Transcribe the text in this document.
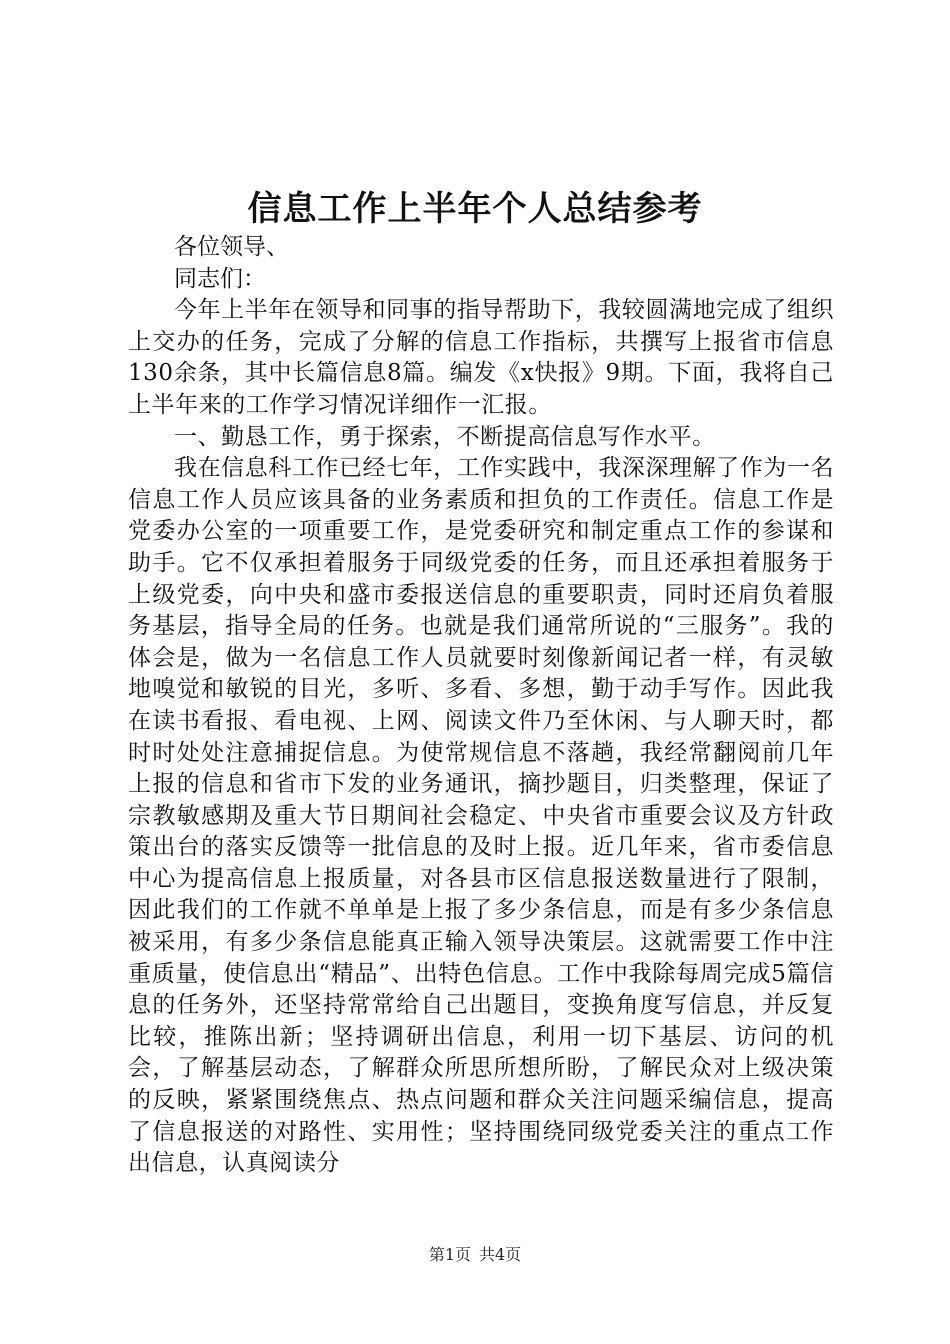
信息工作上半年个人总结参考

各位领导、

同志们：

今年上半年在领导和同事的指导帮助下，我较圆满地完成了组织上交办的任务，完成了分解的信息工作指标，共撰写上报省市信息130余条，其中长篇信息8篇。编发《x快报》9期。下面，我将自己上半年来的工作学习情况详细作一汇报。

一、勤恳工作，勇于探索，不断提高信息写作水平。

我在信息科工作已经七年，工作实践中，我深深理解了作为一名信息工作人员应该具备的业务素质和担负的工作责任。信息工作是党委办公室的一项重要工作，是党委研究和制定重点工作的参谋和助手。它不仅承担着服务于同级党委的任务，而且还承担着服务于上级党委，向中央和盛市委报送信息的重要职责，同时还肩负着服务基层，指导全局的任务。也就是我们通常所说的“三服务”。我的体会是，做为一名信息工作人员就要时刻像新闻记者一样，有灵敏地嗅觉和敏锐的目光，多听、多看、多想，勤于动手写作。因此我在读书看报、看电视、上网、阅读文件乃至休闲、与人聊天时，都时时处处注意捕捉信息。为使常规信息不落趟，我经常翻阅前几年上报的信息和省市下发的业务通讯，摘抄题目，归类整理，保证了宗教敏感期及重大节日期间社会稳定、中央省市重要会议及方针政策出台的落实反馈等一批信息的及时上报。近几年来，省市委信息中心为提高信息上报质量，对各县市区信息报送数量进行了限制，因此我们的工作就不单单是上报了多少条信息，而是有多少条信息被采用，有多少条信息能真正输入领导决策层。这就需要工作中注重质量，使信息出“精品”、出特色信息。工作中我除每周完成5篇信息的任务外，还坚持常常给自己出题目，变换角度写信息，并反复比较，推陈出新；坚持调研出信息，利用一切下基层、访问的机会，了解基层动态，了解群众所思所想所盼，了解民众对上级决策的反映，紧紧围绕焦点、热点问题和群众关注问题采编信息，提高了信息报送的对路性、实用性；坚持围绕同级党委关注的重点工作出信息，认真阅读分

第1页 共4页
